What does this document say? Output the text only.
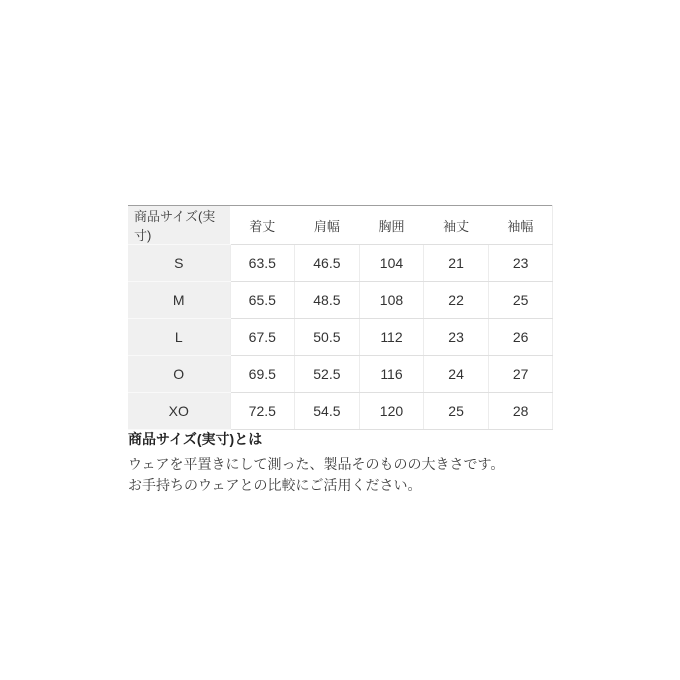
商品サイズ(実寸)	着丈	肩幅	胸囲	袖丈	袖幅
S	63.5	46.5	104	21	23
M	65.5	48.5	108	22	25
L	67.5	50.5	112	23	26
O	69.5	52.5	116	24	27
XO	72.5	54.5	120	25	28
商品サイズ(実寸)とは

ウェアを平置きにして測った、製品そのものの大きさです。

お手持ちのウェアとの比較にご活用ください。
